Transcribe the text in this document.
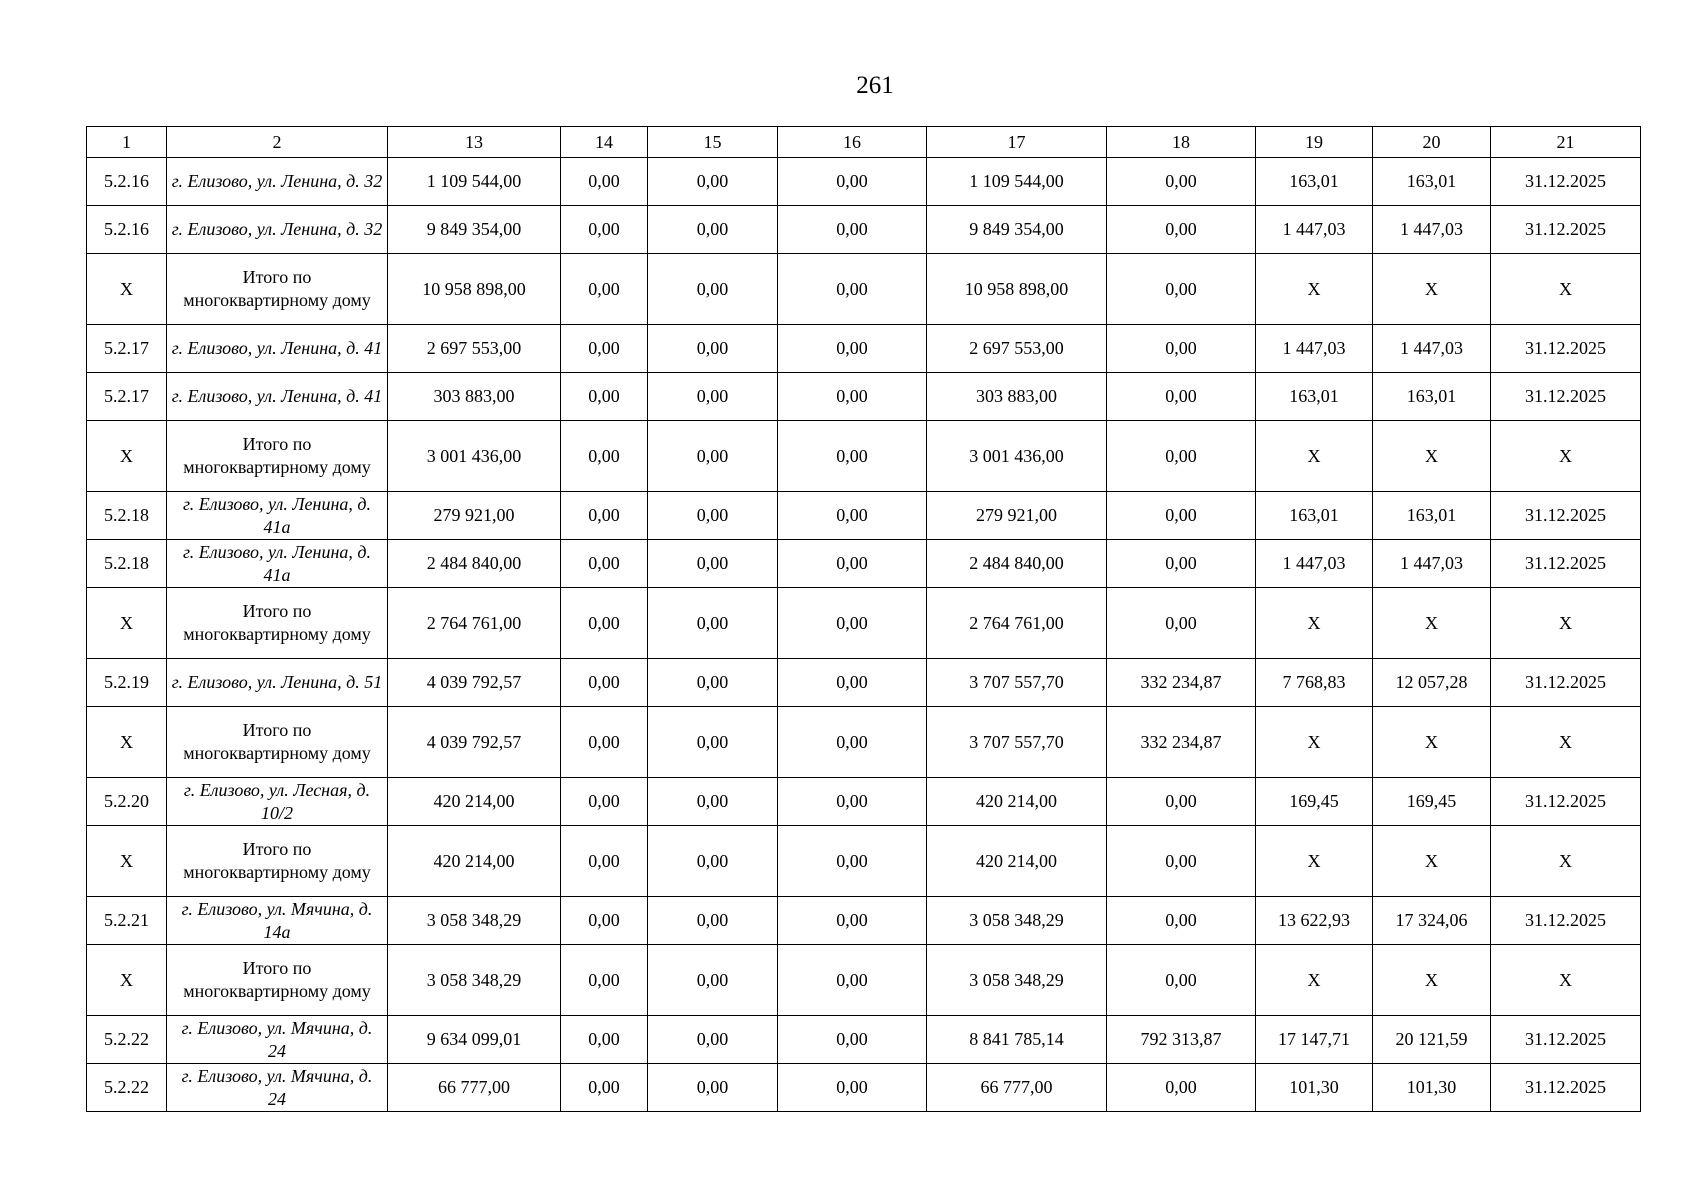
261
1	2	13	14	15	16	17	18	19	20	21
5.2.16	г. Елизово, ул. Ленина, д. 32	1 109 544,00	0,00	0,00	0,00	1 109 544,00	0,00	163,01	163,01	31.12.2025
5.2.16	г. Елизово, ул. Ленина, д. 32	9 849 354,00	0,00	0,00	0,00	9 849 354,00	0,00	1 447,03	1 447,03	31.12.2025
X	Итого по многоквартирному дому	10 958 898,00	0,00	0,00	0,00	10 958 898,00	0,00	X	X	X
5.2.17	г. Елизово, ул. Ленина, д. 41	2 697 553,00	0,00	0,00	0,00	2 697 553,00	0,00	1 447,03	1 447,03	31.12.2025
5.2.17	г. Елизово, ул. Ленина, д. 41	303 883,00	0,00	0,00	0,00	303 883,00	0,00	163,01	163,01	31.12.2025
X	Итого по многоквартирному дому	3 001 436,00	0,00	0,00	0,00	3 001 436,00	0,00	X	X	X
5.2.18	г. Елизово, ул. Ленина, д. 41а	279 921,00	0,00	0,00	0,00	279 921,00	0,00	163,01	163,01	31.12.2025
5.2.18	г. Елизово, ул. Ленина, д. 41а	2 484 840,00	0,00	0,00	0,00	2 484 840,00	0,00	1 447,03	1 447,03	31.12.2025
X	Итого по многоквартирному дому	2 764 761,00	0,00	0,00	0,00	2 764 761,00	0,00	X	X	X
5.2.19	г. Елизово, ул. Ленина, д. 51	4 039 792,57	0,00	0,00	0,00	3 707 557,70	332 234,87	7 768,83	12 057,28	31.12.2025
X	Итого по многоквартирному дому	4 039 792,57	0,00	0,00	0,00	3 707 557,70	332 234,87	X	X	X
5.2.20	г. Елизово, ул. Лесная, д. 10/2	420 214,00	0,00	0,00	0,00	420 214,00	0,00	169,45	169,45	31.12.2025
X	Итого по многоквартирному дому	420 214,00	0,00	0,00	0,00	420 214,00	0,00	X	X	X
5.2.21	г. Елизово, ул. Мячина, д. 14а	3 058 348,29	0,00	0,00	0,00	3 058 348,29	0,00	13 622,93	17 324,06	31.12.2025
X	Итого по многоквартирному дому	3 058 348,29	0,00	0,00	0,00	3 058 348,29	0,00	X	X	X
5.2.22	г. Елизово, ул. Мячина, д. 24	9 634 099,01	0,00	0,00	0,00	8 841 785,14	792 313,87	17 147,71	20 121,59	31.12.2025
5.2.22	г. Елизово, ул. Мячина, д. 24	66 777,00	0,00	0,00	0,00	66 777,00	0,00	101,30	101,30	31.12.2025
